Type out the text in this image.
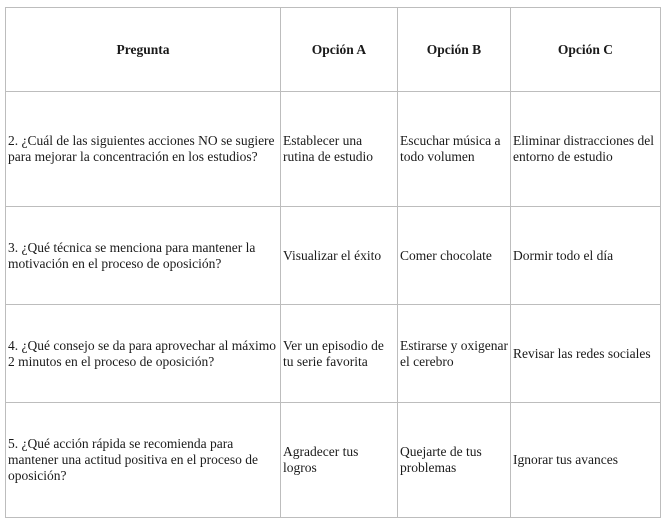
Pregunta	Opción A	Opción B	Opción C
2. ¿Cuál de las siguientes acciones NO se sugiere para mejorar la concentración en los estudios?	Establecer una rutina de estudio	Escuchar música a todo volumen	Eliminar distracciones del entorno de estudio
3. ¿Qué técnica se menciona para mantener la motivación en el proceso de oposición?	Visualizar el éxito	Comer chocolate	Dormir todo el día
4. ¿Qué consejo se da para aprovechar al máximo 2 minutos en el proceso de oposición?	Ver un episodio de tu serie favorita	Estirarse y oxigenar el cerebro	Revisar las redes sociales
5. ¿Qué acción rápida se recomienda para mantener una actitud positiva en el proceso de oposición?	Agradecer tus logros	Quejarte de tus problemas	Ignorar tus avances
